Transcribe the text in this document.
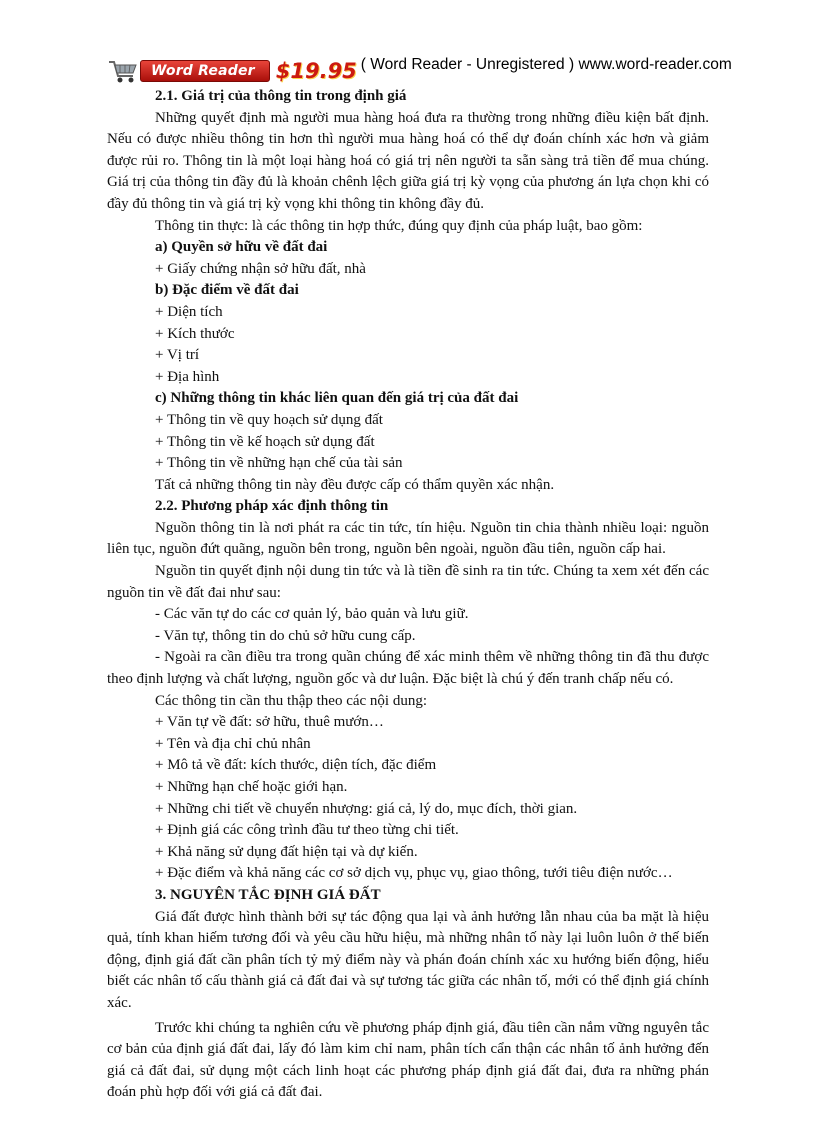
Word Reader	$19.95 ( Word Reader - Unregistered ) www.word-reader.com

2.1. Giá trị của thông tin trong định giá

Những quyết định mà người mua hàng hoá đưa ra thường trong những điều kiện bất định. Nếu có được nhiều thông tin hơn thì người mua hàng hoá có thể dự đoán chính xác hơn và giảm được rủi ro. Thông tin là một loại hàng hoá có giá trị nên người ta sẵn sàng trả tiền để mua chúng. Giá trị của thông tin đầy đủ là khoản chênh lệch giữa giá trị kỳ vọng của phương án lựa chọn khi có đầy đủ thông tin và giá trị kỳ vọng khi thông tin không đầy đủ.

Thông tin thực: là các thông tin hợp thức, đúng quy định của pháp luật, bao gồm:

a) Quyền sở hữu về đất đai

+ Giấy chứng nhận sở hữu đất, nhà

b) Đặc điểm về đất đai

+ Diện tích

+ Kích thước

+ Vị trí

+ Địa hình

c) Những thông tin khác liên quan đến giá trị của đất đai

+ Thông tin về quy hoạch sử dụng đất

+ Thông tin về kế hoạch sử dụng đất

+ Thông tin về những hạn chế của tài sản

Tất cả những thông tin này đều được cấp có thẩm quyền xác nhận.

2.2. Phương pháp xác định thông tin

Nguồn thông tin là nơi phát ra các tin tức, tín hiệu. Nguồn tin chia thành nhiều loại: nguồn liên tục, nguồn đứt quãng, nguồn bên trong, nguồn bên ngoài, nguồn đầu tiên, nguồn cấp hai.

Nguồn tin quyết định nội dung tin tức và là tiền đề sinh ra tin tức. Chúng ta xem xét đến các nguồn tin về đất đai như sau:

- Các văn tự do các cơ quản lý, bảo quản và lưu giữ.

- Văn tự, thông tin do chủ sở hữu cung cấp.

- Ngoài ra cần điều tra trong quần chúng để xác minh thêm về những thông tin đã thu được theo định lượng và chất lượng, nguồn gốc và dư luận. Đặc biệt là chú ý đến tranh chấp nếu có.

Các thông tin cần thu thập theo các nội dung:

+ Văn tự về đất: sở hữu, thuê mướn…

+ Tên và địa chỉ chủ nhân

+ Mô tả về đất: kích thước, diện tích, đặc điểm

+ Những hạn chế hoặc giới hạn.

+ Những chi tiết về chuyển nhượng: giá cả, lý do, mục đích, thời gian.

+ Định giá các công trình đầu tư theo từng chi tiết.

+ Khả năng sử dụng đất hiện tại và dự kiến.

+ Đặc điểm và khả năng các cơ sở dịch vụ, phục vụ, giao thông, tưới tiêu điện nước…

3. NGUYÊN TẮC ĐỊNH GIÁ ĐẤT

Giá đất được hình thành bởi sự tác động qua lại và ảnh hưởng lẫn nhau của ba mặt là hiệu quả, tính khan hiếm tương đối và yêu cầu hữu hiệu, mà những nhân tố này lại luôn luôn ở thế biến động, định giá đất cần phân tích tỷ mỷ điểm này và phán đoán chính xác xu hướng biến động, hiểu biết các nhân tố cấu thành giá cả đất đai và sự tương tác giữa các nhân tố, mới có thể định giá chính xác.

Trước khi chúng ta nghiên cứu về phương pháp định giá, đầu tiên cần nắm vững nguyên tắc cơ bản của định giá đất đai, lấy đó làm kim chỉ nam, phân tích cẩn thận các nhân tố ảnh hưởng đến giá cả đất đai, sử dụng một cách linh hoạt các phương pháp định giá đất đai, đưa ra những phán đoán phù hợp đối với giá cả đất đai.
